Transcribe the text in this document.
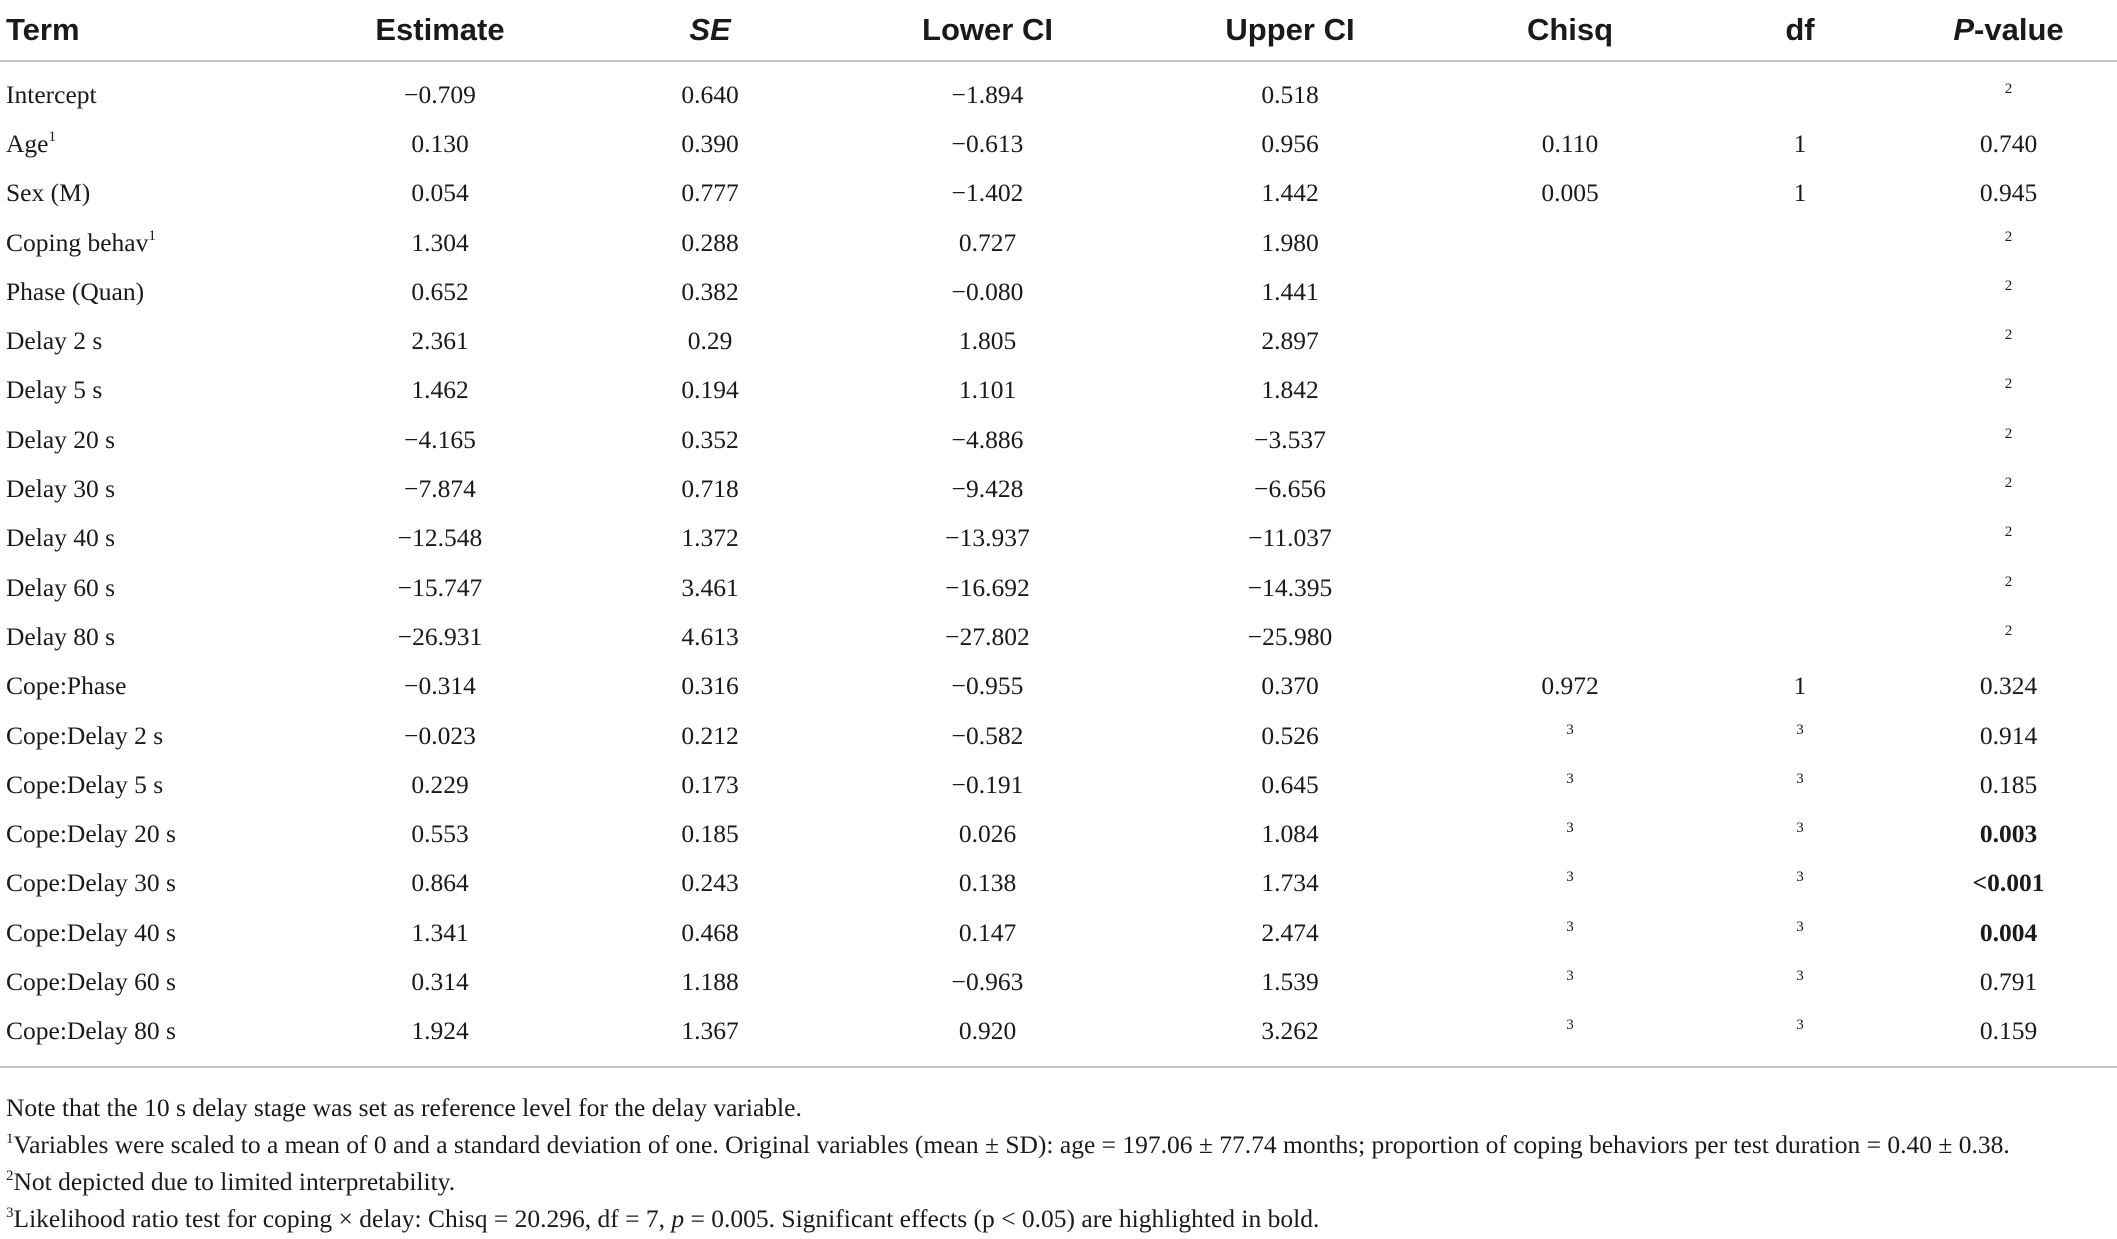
Term	Estimate	SE	Lower CI	Upper CI	Chisq	df	P-value
Intercept	−0.709	0.640	−1.894	0.518			$^2$
Age$^1$	0.130	0.390	−0.613	0.956	0.110	1	0.740
Sex (M)	0.054	0.777	−1.402	1.442	0.005	1	0.945
Coping behav$^1$	1.304	0.288	0.727	1.980			$^2$
Phase (Quan)	0.652	0.382	−0.080	1.441			$^2$
Delay 2 s	2.361	0.29	1.805	2.897			$^2$
Delay 5 s	1.462	0.194	1.101	1.842			$^2$
Delay 20 s	−4.165	0.352	−4.886	−3.537			$^2$
Delay 30 s	−7.874	0.718	−9.428	−6.656			$^2$
Delay 40 s	−12.548	1.372	−13.937	−11.037			$^2$
Delay 60 s	−15.747	3.461	−16.692	−14.395			$^2$
Delay 80 s	−26.931	4.613	−27.802	−25.980			$^2$
Cope:Phase	−0.314	0.316	−0.955	0.370	0.972	1	0.324
Cope:Delay 2 s	−0.023	0.212	−0.582	0.526	$^3$	$^3$	0.914
Cope:Delay 5 s	0.229	0.173	−0.191	0.645	$^3$	$^3$	0.185
Cope:Delay 20 s	0.553	0.185	0.026	1.084	$^3$	$^3$	0.003
Cope:Delay 30 s	0.864	0.243	0.138	1.734	$^3$	$^3$	<0.001
Cope:Delay 40 s	1.341	0.468	0.147	2.474	$^3$	$^3$	0.004
Cope:Delay 60 s	0.314	1.188	−0.963	1.539	$^3$	$^3$	0.791
Cope:Delay 80 s	1.924	1.367	0.920	3.262	$^3$	$^3$	0.159
Note that the 10 s delay stage was set as reference level for the delay variable.
$^1$Variables were scaled to a mean of 0 and a standard deviation of one. Original variables (mean ± SD): age = 197.06 ± 77.74 months; proportion of coping behaviors per test duration = 0.40 ± 0.38.
$^2$Not depicted due to limited interpretability.
$^3$Likelihood ratio test for coping × delay: Chisq = 20.296, df = 7, p = 0.005. Significant effects (p < 0.05) are highlighted in bold.
